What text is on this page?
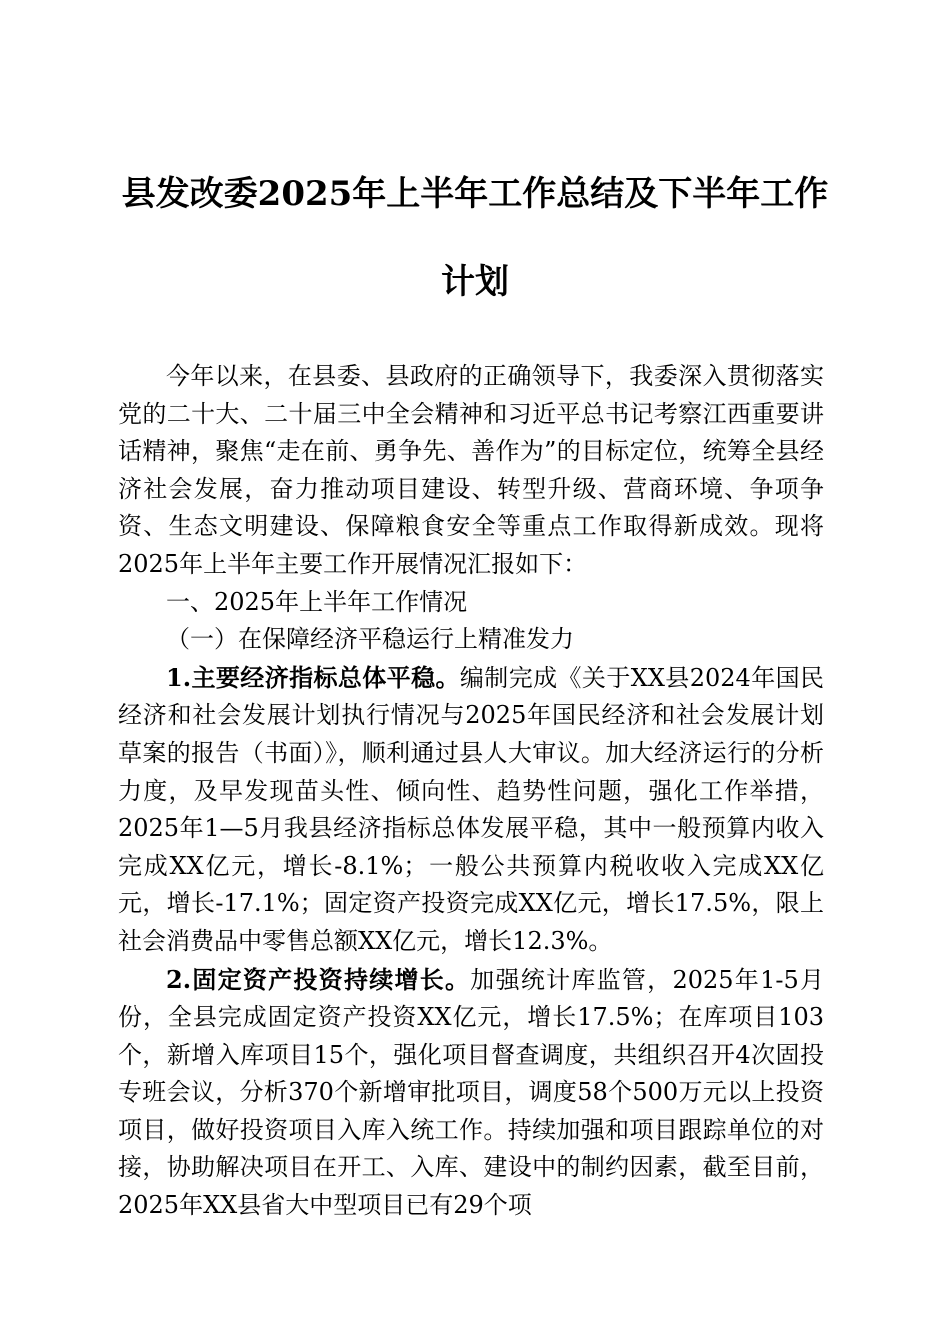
县发改委2025年上半年工作总结及下半年工作计划

今年以来，在县委、县政府的正确领导下，我委深入贯彻落实党的二十大、二十届三中全会精神和习近平总书记考察江西重要讲话精神，聚焦“走在前、勇争先、善作为”的目标定位，统筹全县经济社会发展，奋力推动项目建设、转型升级、营商环境、争项争资、生态文明建设、保障粮食安全等重点工作取得新成效。现将2025年上半年主要工作开展情况汇报如下：

一、2025年上半年工作情况

（一）在保障经济平稳运行上精准发力

1.主要经济指标总体平稳。编制完成《关于XX县2024年国民经济和社会发展计划执行情况与2025年国民经济和社会发展计划草案的报告（书面）》，顺利通过县人大审议。加大经济运行的分析力度，及早发现苗头性、倾向性、趋势性问题，强化工作举措，2025年1—5月我县经济指标总体发展平稳，其中一般预算内收入完成XX亿元，增长-8.1%；一般公共预算内税收收入完成XX亿元，增长-17.1%；固定资产投资完成XX亿元，增长17.5%，限上社会消费品中零售总额XX亿元，增长12.3%。

2.固定资产投资持续增长。加强统计库监管，2025年1-5月份，全县完成固定资产投资XX亿元，增长17.5%；在库项目103个，新增入库项目15个，强化项目督查调度，共组织召开4次固投专班会议，分析370个新增审批项目，调度58个500万元以上投资项目，做好投资项目入库入统工作。持续加强和项目跟踪单位的对接，协助解决项目在开工、入库、建设中的制约因素，截至目前，2025年XX县省大中型项目已有29个项
